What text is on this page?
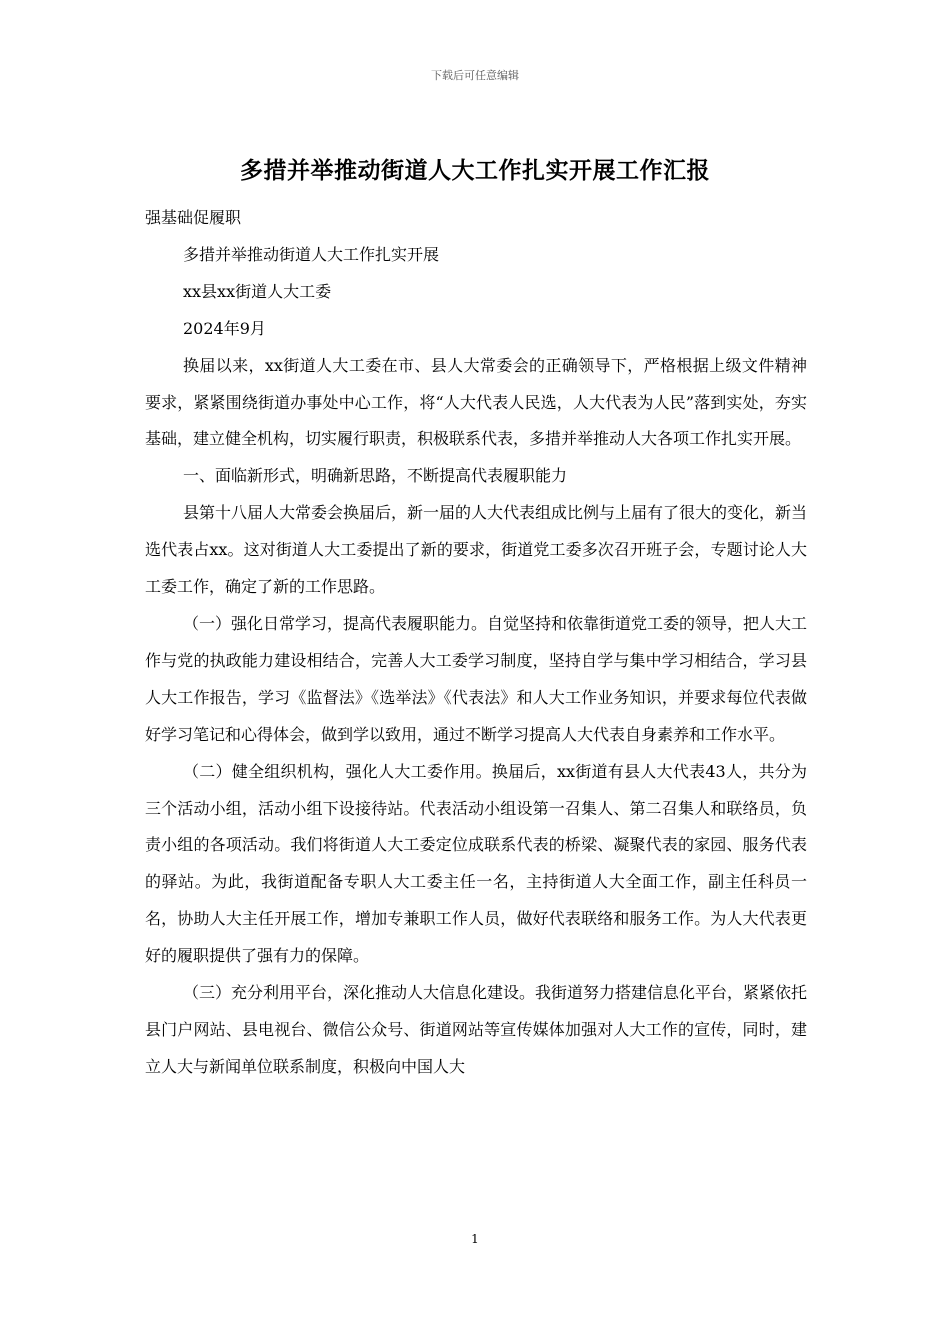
下载后可任意编辑
多措并举推动街道人大工作扎实开展工作汇报

强基础促履职

多措并举推动街道人大工作扎实开展

xx县xx街道人大工委

2024年9月

换届以来，xx街道人大工委在市、县人大常委会的正确领导下，严格根据上级文件精神要求，紧紧围绕街道办事处中心工作，将“人大代表人民选，人大代表为人民”落到实处，夯实基础，建立健全机构，切实履行职责，积极联系代表，多措并举推动人大各项工作扎实开展。

一、面临新形式，明确新思路，不断提高代表履职能力

县第十八届人大常委会换届后，新一届的人大代表组成比例与上届有了很大的变化，新当选代表占xx。这对街道人大工委提出了新的要求，街道党工委多次召开班子会，专题讨论人大工委工作，确定了新的工作思路。

（一）强化日常学习，提高代表履职能力。自觉坚持和依靠街道党工委的领导，把人大工作与党的执政能力建设相结合，完善人大工委学习制度，坚持自学与集中学习相结合，学习县人大工作报告，学习《监督法》《选举法》《代表法》和人大工作业务知识，并要求每位代表做好学习笔记和心得体会，做到学以致用，通过不断学习提高人大代表自身素养和工作水平。

（二）健全组织机构，强化人大工委作用。换届后，xx街道有县人大代表43人，共分为三个活动小组，活动小组下设接待站。代表活动小组设第一召集人、第二召集人和联络员，负责小组的各项活动。我们将街道人大工委定位成联系代表的桥梁、凝聚代表的家园、服务代表的驿站。为此，我街道配备专职人大工委主任一名，主持街道人大全面工作，副主任科员一名，协助人大主任开展工作，增加专兼职工作人员，做好代表联络和服务工作。为人大代表更好的履职提供了强有力的保障。

（三）充分利用平台，深化推动人大信息化建设。我街道努力搭建信息化平台，紧紧依托县门户网站、县电视台、微信公众号、街道网站等宣传媒体加强对人大工作的宣传，同时，建立人大与新闻单位联系制度，积极向中国人大

1
